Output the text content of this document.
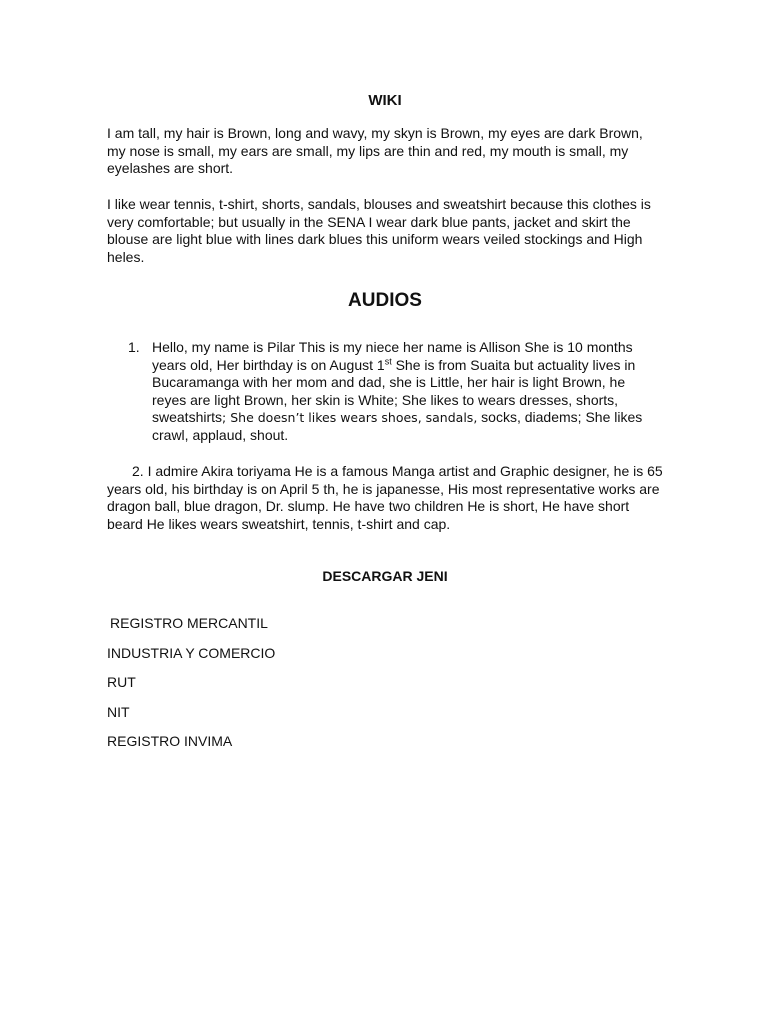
WIKI

I am tall, my hair is Brown, long and wavy, my skyn is Brown, my eyes are dark Brown, my nose is small, my ears are small, my lips are thin and red, my mouth is small, my eyelashes are short.

I like wear tennis, t-shirt, shorts, sandals, blouses and sweatshirt because this clothes is very comfortable; but usually in the SENA I wear dark blue pants, jacket and skirt the blouse are light blue with lines dark blues this uniform wears veiled stockings and High heles.

AUDIOS

1. Hello, my name is Pilar This is my niece her name is Allison She is 10 months years old, Her birthday is on August 1st She is from Suaita but actuality lives in Bucaramanga with her mom and dad, she is Little, her hair is light Brown, he reyes are light Brown, her skin is White; She likes to wears dresses, shorts, sweatshirts; She doesn’t likes wears shoes, sandals, socks, diadems; She likes crawl, applaud, shout.

2. I admire Akira toriyama He is a famous Manga artist and Graphic designer, he is 65 years old, his birthday is on April 5 th, he is japanesse, His most representative works are dragon ball, blue dragon, Dr. slump. He have two children He is short, He have short beard He likes wears sweatshirt, tennis, t-shirt and cap.

DESCARGAR JENI

REGISTRO MERCANTIL

INDUSTRIA Y COMERCIO

RUT

NIT

REGISTRO INVIMA
